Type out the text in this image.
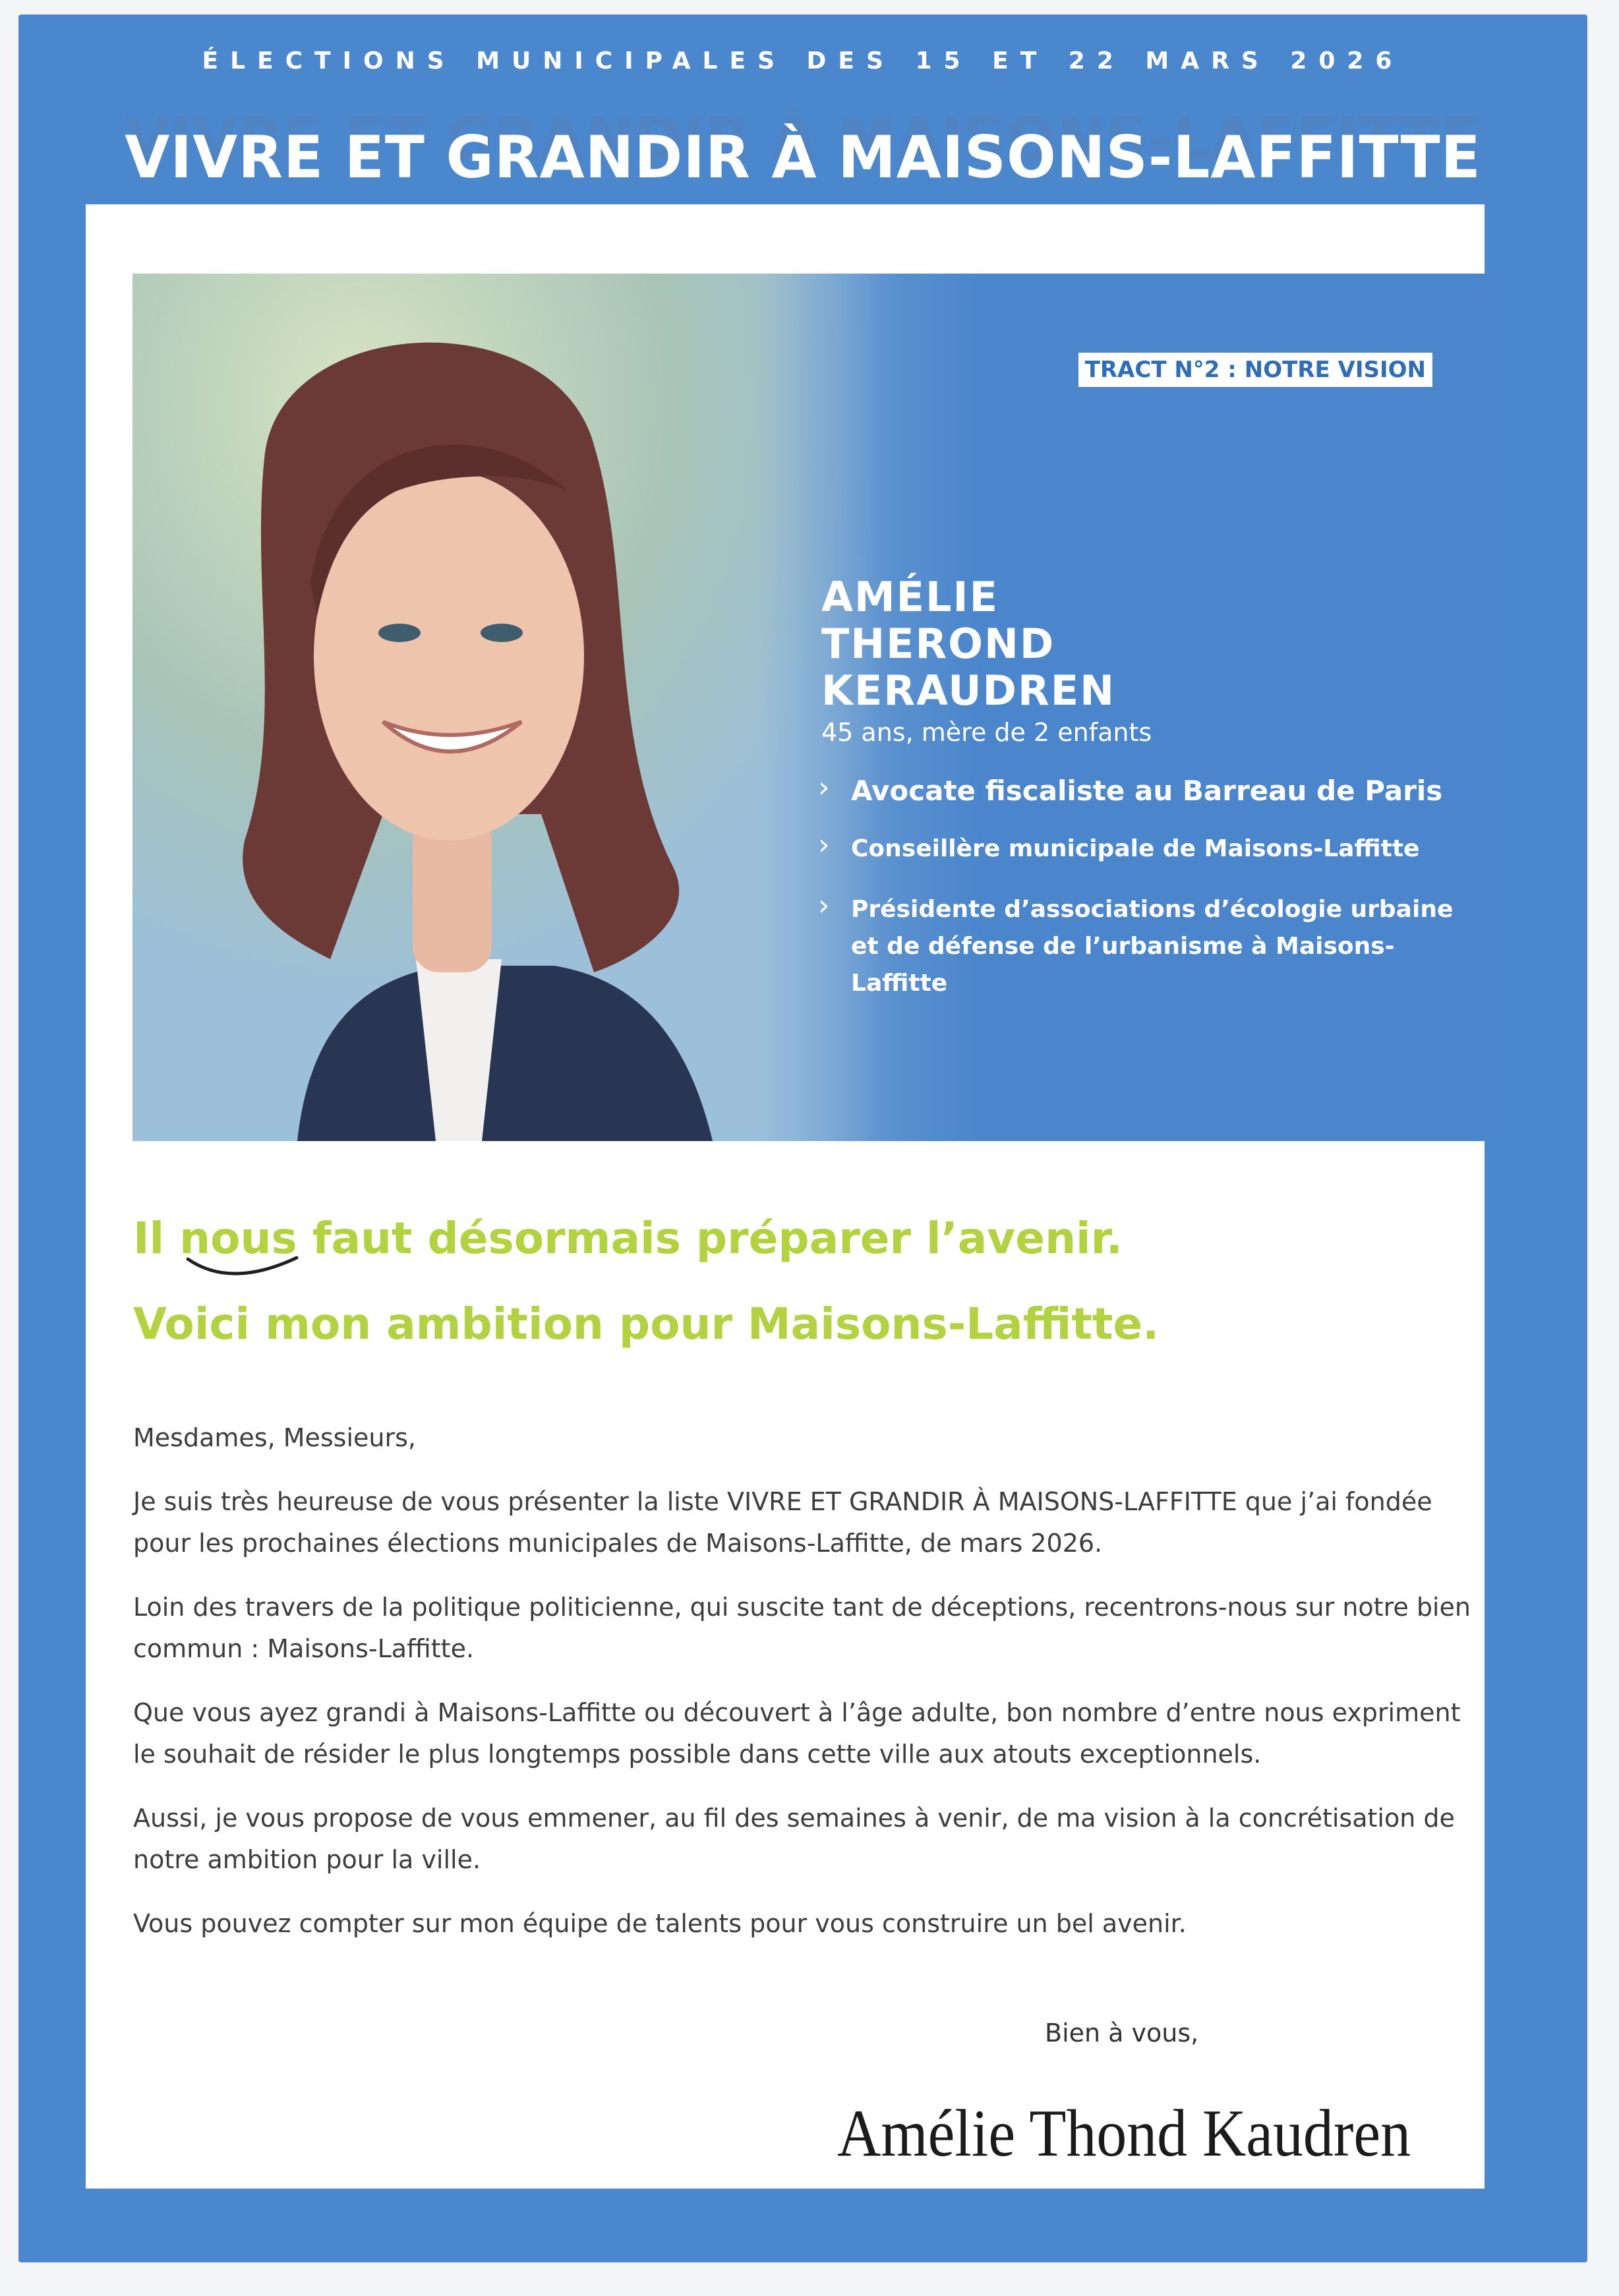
ÉLECTIONS MUNICIPALES DES 15 ET 22 MARS 2026
VIVRE ET GRANDIR À MAISONS-LAFFITTE
TRACT N°2 : NOTRE VISION
AMÉLIE
THEROND
KERAUDREN
45 ans, mère de 2 enfants
› Avocate fiscaliste au Barreau de Paris
› Conseillère municipale de Maisons-Laffitte
› Présidente d’associations d’écologie urbaine et de défense de l’urbanisme à Maisons-Laffitte
Il nous faut désormais préparer l’avenir.
Voici mon ambition pour Maisons-Laffitte.

Mesdames, Messieurs,

Je suis très heureuse de vous présenter la liste VIVRE ET GRANDIR À MAISONS-LAFFITTE que j’ai fondée pour les prochaines élections municipales de Maisons-Laffitte, de mars 2026.

Loin des travers de la politique politicienne, qui suscite tant de déceptions, recentrons-nous sur notre bien commun : Maisons-Laffitte.

Que vous ayez grandi à Maisons-Laffitte ou découvert à l’âge adulte, bon nombre d’entre nous expriment le souhait de résider le plus longtemps possible dans cette ville aux atouts exceptionnels.

Aussi, je vous propose de vous emmener, au fil des semaines à venir, de ma vision à la concrétisation de notre ambition pour la ville.

Vous pouvez compter sur mon équipe de talents pour vous construire un bel avenir.

Bien à vous,
Amélie Thond Kaudren
